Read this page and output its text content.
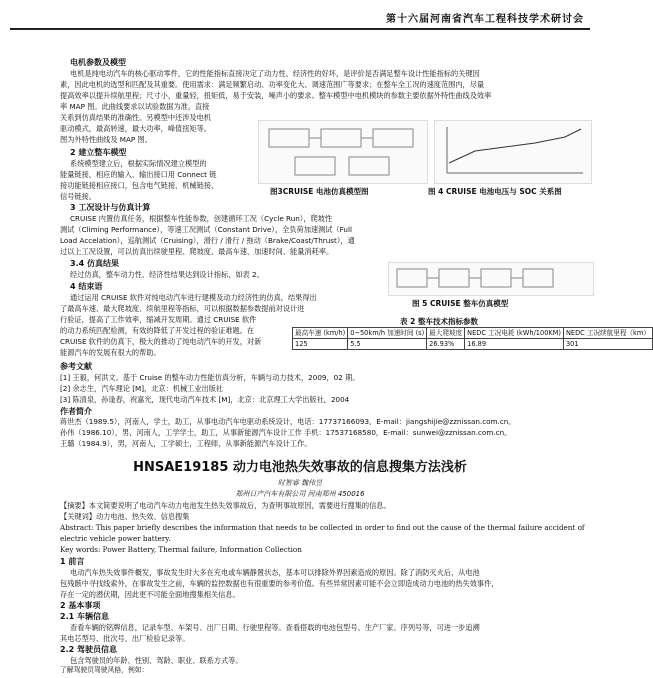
第十六届河南省汽车工程科技学术研讨会
电机参数及模型
电机是纯电动汽车的核心驱动零件，它的性能指标直接决定了动力性、经济性的好坏，是评价是否满足整车设计性能指标的关键因
素，因此电机的选型和匹配及其重要。使用需求：满足频繁启动、功率变化大、调速范围广等要求；在整车全工况的速度范围内，尽量
提高效率以提升续航里程；尺寸小，重量轻，扭矩低，易于安装，噪声小的要求。整车模型中电机模块的参数主要依据外特性曲线及效率
率 MAP 图。此曲线要求以试验数据为准，直接
关系到仿真结果的准确性。另模型中还涉及电机
驱动模式，最高转速，最大功率，峰值扭矩等。
图为外特性曲线及 MAP 图。
2 建立整车模型
系统模型建立后，根据实际情况建立模型的
能量链接，相应的输入、输出接口用 Connect 链
接功能链接相应接口，包含电气链接、机械链接、
信号链接。
图3CRUISE 电池仿真模型图	图 4 CRUISE 电池电压与 SOC 关系图
3 工况设计与仿真计算
CRUISE 内置仿真任务，根据整车性能参数，创建循环工况（Cycle Run），爬坡性
测试（Climing Performance），等速工况测试（Constant Drive），全负荷加速测试（Full
Load Accelation），巡航测试（Cruising），滑行 / 滑行 / 拖动（Brake/Coast/Thrust），通
过以上工况设置，可以仿真出续驶里程、爬坡度、最高车速、加速时间、能量消耗率。
3.4 仿真结果
经过仿真，整车动力性、经济性结果达到设计指标，如表 2。
4 结束语
通过运用 CRUISE 软件对纯电动汽车进行建模及动力经济性的仿真，结果得出
了最高车速、最大爬坡度、续航里程等指标，可以根据数据参数提前对设计进
行验证，提高了工作效率，缩减开发周期。通过 CRUISE 软件
的动力系统匹配检测，有效的降低了开发过程的验证难题。在
CRUISE 软件的仿真下，极大的推动了纯电动汽车的开发，对新
能源汽车的发展有很大的帮助。
图 5 CRUISE 整车仿真模型
表 2 整车技术指标参数
最高车速 (km/h)	0~50km/h 加速时间 (s)	最大爬坡度	NEDC 工况电耗 (kWh/100KM)	NEDC 工况续航里程（km）
125	5.5	26.93%	16.89	301
参考文献
[1] 王毅，何洪文。基于 Cruise 的整车动力性能仿真分析，车辆与动力技术，2009，02 期。
[2] 余志生，汽车理论 [M]，北京：机械工业出版社
[3] 陈清泉，孙逢春，祝嘉光，现代电动汽车技术 [M]，北京：北京理工大学出版社，2004
作者简介
蒋世杰（1989.5），河南人，学士，助工，从事电动汽车电驱动系统设计，电话：17737166093，E-mail：jiangshijie@zznissan.com.cn。
孙伟（1986.10），男，河南人，工学学士，助工，从事新能源汽车设计工作 手机：17537168580，E-mail：sunwei@zznissan.com.cn。
王璐（1984.9），男，河南人，工学硕士，工程师，从事新能源汽车设计工作。
HNSAE19185 动力电池热失效事故的信息搜集方法浅析
时智睿 魏伟昱
郑州日产汽车有限公司 河南郑州 450016
【摘要】本文简要说明了电动汽车动力电池发生热失效事故后，为查明事故原因，需要进行搜集的信息。
【关键词】动力电池、热失效、信息搜集
Abstract: This paper briefly describes the information that needs to be collected in order to find out the cause of the thermal failure accident of
electric vehicle power battery.
Key words: Power Battery, Thermal failure, Information Collection
1 前言
电动汽车热失效事件概发，事故发生时大多在充电或车辆静置状态，基本可以排除外界因素造成的原因。除了消防灭火后，从电池
包残骸中寻找线索外，在事故发生之前，车辆的监控数据也有很重要的参考价值。有些异常因素可能不会立即造成动力电池的热失效事件，
存在一定的潜伏期，因此更不可能全面地搜集相关信息。
2 基本事项
2.1 车辆信息
查看车辆的铭牌信息，记录车型、车架号、出厂日期、行驶里程等。查看搭载的电池包型号、生产厂家、序列号等，可进一步追溯
其电芯型号、批次号、出厂检验记录等。
2.2 驾驶员信息
包含驾驶员的年龄、性别、驾龄、职业、联系方式等。
了解驾驶员驾驶风格，例如：
